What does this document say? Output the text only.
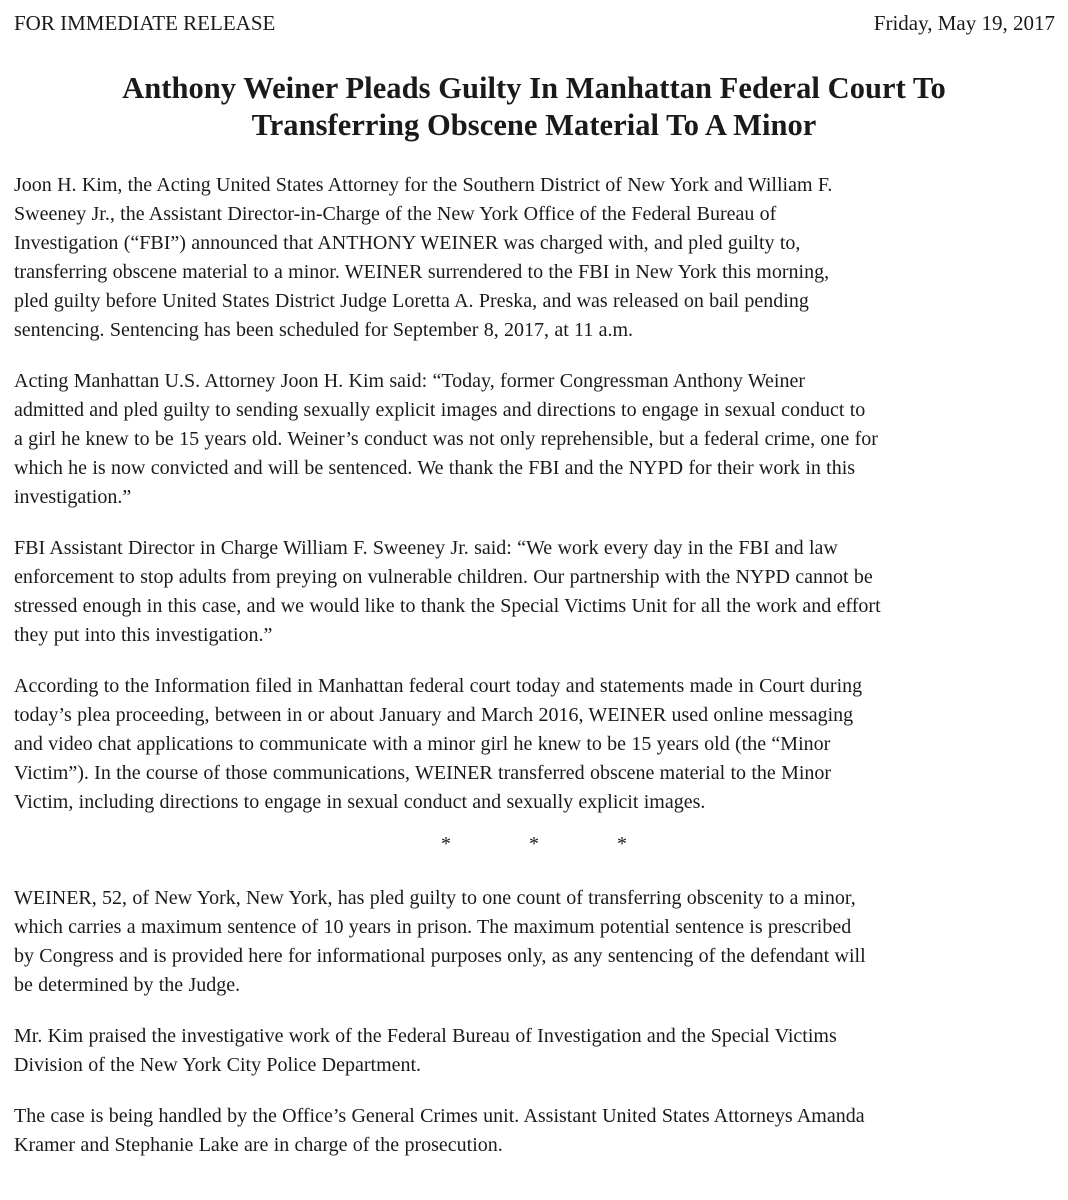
FOR IMMEDIATE RELEASE	Friday, May 19, 2017
Anthony Weiner Pleads Guilty In Manhattan Federal Court To
Transferring Obscene Material To A Minor

Joon H. Kim, the Acting United States Attorney for the Southern District of New York and William F.
Sweeney Jr., the Assistant Director-in-Charge of the New York Office of the Federal Bureau of
Investigation (“FBI”) announced that ANTHONY WEINER was charged with, and pled guilty to,
transferring obscene material to a minor. WEINER surrendered to the FBI in New York this morning,
pled guilty before United States District Judge Loretta A. Preska, and was released on bail pending
sentencing. Sentencing has been scheduled for September 8, 2017, at 11 a.m.

Acting Manhattan U.S. Attorney Joon H. Kim said: “Today, former Congressman Anthony Weiner
admitted and pled guilty to sending sexually explicit images and directions to engage in sexual conduct to
a girl he knew to be 15 years old. Weiner’s conduct was not only reprehensible, but a federal crime, one for
which he is now convicted and will be sentenced. We thank the FBI and the NYPD for their work in this
investigation.”

FBI Assistant Director in Charge William F. Sweeney Jr. said: “We work every day in the FBI and law
enforcement to stop adults from preying on vulnerable children. Our partnership with the NYPD cannot be
stressed enough in this case, and we would like to thank the Special Victims Unit for all the work and effort
they put into this investigation.”

According to the Information filed in Manhattan federal court today and statements made in Court during
today’s plea proceeding, between in or about January and March 2016, WEINER used online messaging
and video chat applications to communicate with a minor girl he knew to be 15 years old (the “Minor
Victim”). In the course of those communications, WEINER transferred obscene material to the Minor
Victim, including directions to engage in sexual conduct and sexually explicit images.

*	*	*

WEINER, 52, of New York, New York, has pled guilty to one count of transferring obscenity to a minor,
which carries a maximum sentence of 10 years in prison. The maximum potential sentence is prescribed
by Congress and is provided here for informational purposes only, as any sentencing of the defendant will
be determined by the Judge.

Mr. Kim praised the investigative work of the Federal Bureau of Investigation and the Special Victims
Division of the New York City Police Department.

The case is being handled by the Office’s General Crimes unit. Assistant United States Attorneys Amanda
Kramer and Stephanie Lake are in charge of the prosecution.
